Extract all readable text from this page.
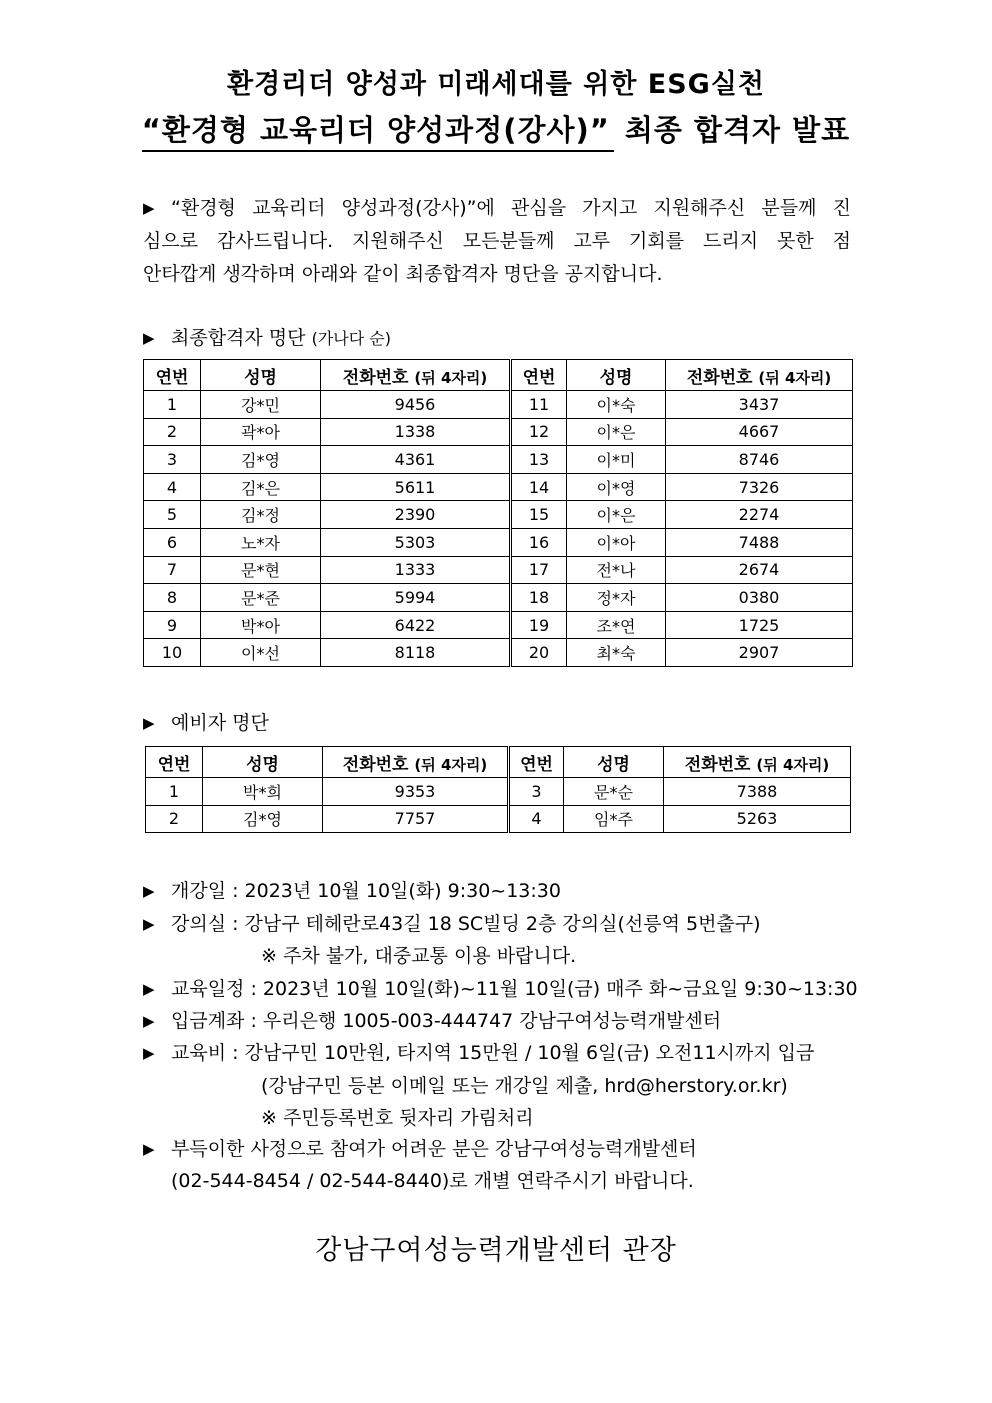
환경리더 양성과 미래세대를 위한 ESG실천
“환경형 교육리더 양성과정(강사)” 최종 합격자 발표
▶ “환경형 교육리더 양성과정(강사)”에 관심을 가지고 지원해주신 분들께 진
심으로 감사드립니다. 지원해주신 모든분들께 고루 기회를 드리지 못한 점
안타깝게 생각하며 아래와 같이 최종합격자 명단을 공지합니다.
▶ 최종합격자 명단 (가나다 순)
연번	성명	전화번호 (뒤 4자리)	연번	성명	전화번호 (뒤 4자리)
1	강*민	9456	11	이*숙	3437
2	곽*아	1338	12	이*은	4667
3	김*영	4361	13	이*미	8746
4	김*은	5611	14	이*영	7326
5	김*정	2390	15	이*은	2274
6	노*자	5303	16	이*아	7488
7	문*현	1333	17	전*나	2674
8	문*준	5994	18	정*자	0380
9	박*아	6422	19	조*연	1725
10	이*선	8118	20	최*숙	2907
▶ 예비자 명단
연번	성명	전화번호 (뒤 4자리)	연번	성명	전화번호 (뒤 4자리)
1	박*희	9353	3	문*순	7388
2	김*영	7757	4	임*주	5263
▶ 개강일 : 2023년 10월 10일(화) 9:30~13:30
▶ 강의실 : 강남구 테헤란로43길 18 SC빌딩 2층 강의실(선릉역 5번출구)
※ 주차 불가, 대중교통 이용 바랍니다.
▶ 교육일정 : 2023년 10월 10일(화)~11월 10일(금) 매주 화~금요일 9:30~13:30
▶ 입금계좌 : 우리은행 1005-003-444747 강남구여성능력개발센터
▶ 교육비 : 강남구민 10만원, 타지역 15만원 / 10월 6일(금) 오전11시까지 입금
(강남구민 등본 이메일 또는 개강일 제출, hrd@herstory.or.kr)
※ 주민등록번호 뒷자리 가림처리
▶ 부득이한 사정으로 참여가 어려운 분은 강남구여성능력개발센터
(02-544-8454 / 02-544-8440)로 개별 연락주시기 바랍니다.
강남구여성능력개발센터 관장
